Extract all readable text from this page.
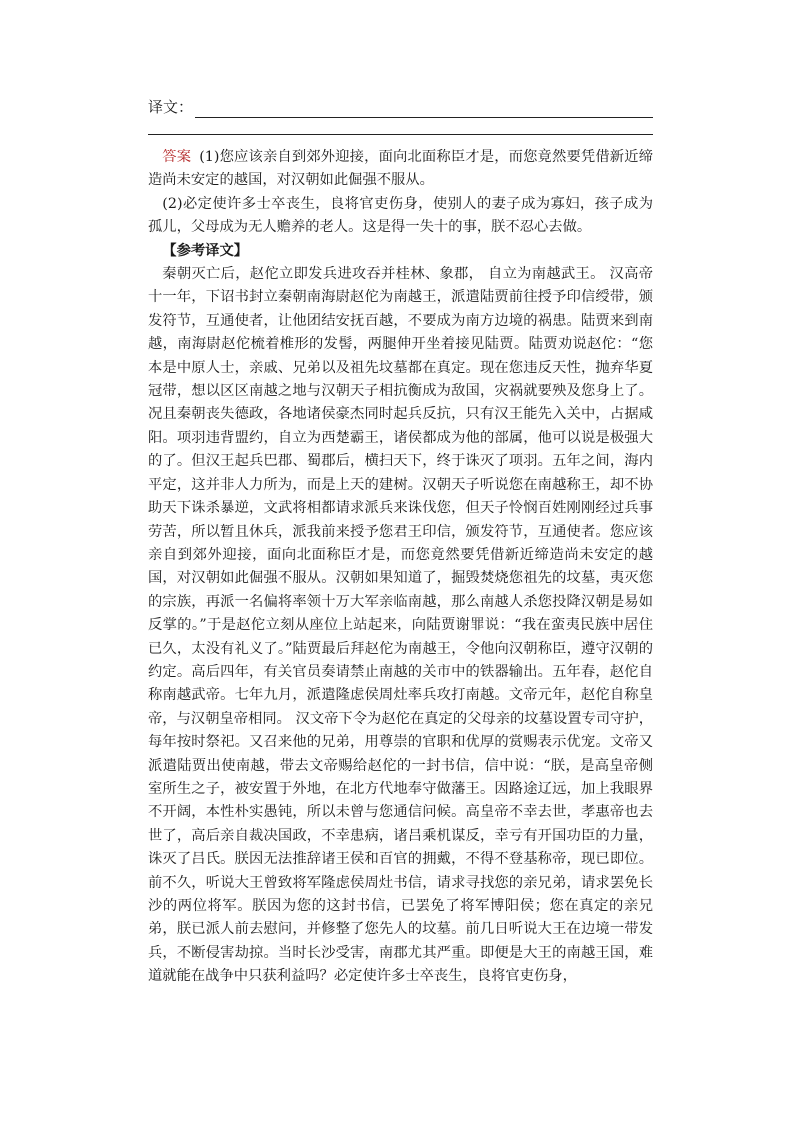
译文：

答案 (1)您应该亲自到郊外迎接，面向北面称臣才是，而您竟然要凭借新近缔造尚未安定的越国，对汉朝如此倔强不服从。

(2)必定使许多士卒丧生，良将官吏伤身，使别人的妻子成为寡妇，孩子成为孤儿，父母成为无人赡养的老人。这是得一失十的事，朕不忍心去做。

【参考译文】

秦朝灭亡后，赵佗立即发兵进攻吞并桂林、象郡， 自立为南越武王。 汉高帝十一年，下诏书封立秦朝南海尉赵佗为南越王，派遣陆贾前往授予印信绶带，颁发符节，互通使者，让他团结安抚百越，不要成为南方边境的祸患。陆贾来到南越，南海尉赵佗梳着椎形的发髻，两腿伸开坐着接见陆贾。陆贾劝说赵佗：“您本是中原人士，亲戚、兄弟以及祖先坟墓都在真定。现在您违反天性，抛弃华夏冠带，想以区区南越之地与汉朝天子相抗衡成为敌国，灾祸就要殃及您身上了。况且秦朝丧失德政，各地诸侯豪杰同时起兵反抗，只有汉王能先入关中，占据咸阳。项羽违背盟约，自立为西楚霸王，诸侯都成为他的部属，他可以说是极强大的了。但汉王起兵巴郡、蜀郡后，横扫天下，终于诛灭了项羽。五年之间，海内平定，这并非人力所为，而是上天的建树。汉朝天子听说您在南越称王，却不协助天下诛杀暴逆，文武将相都请求派兵来诛伐您，但天子怜悯百姓刚刚经过兵事劳苦，所以暂且休兵，派我前来授予您君王印信，颁发符节，互通使者。您应该亲自到郊外迎接，面向北面称臣才是，而您竟然要凭借新近缔造尚未安定的越国，对汉朝如此倔强不服从。汉朝如果知道了，掘毁焚烧您祖先的坟墓，夷灭您的宗族，再派一名偏将率领十万大军亲临南越，那么南越人杀您投降汉朝是易如反掌的。”于是赵佗立刻从座位上站起来，向陆贾谢罪说：“我在蛮夷民族中居住已久，太没有礼义了。”陆贾最后拜赵佗为南越王，令他向汉朝称臣，遵守汉朝的约定。高后四年，有关官员奏请禁止南越的关市中的铁器输出。五年春，赵佗自称南越武帝。七年九月，派遣隆虑侯周灶率兵攻打南越。文帝元年，赵佗自称皇帝，与汉朝皇帝相同。 汉文帝下令为赵佗在真定的父母亲的坟墓设置专司守护，每年按时祭祀。又召来他的兄弟，用尊崇的官职和优厚的赏赐表示优宠。文帝又派遣陆贾出使南越，带去文帝赐给赵佗的一封书信，信中说：“朕，是高皇帝侧室所生之子，被安置于外地，在北方代地奉守做藩王。因路途辽远，加上我眼界不开阔，本性朴实愚钝，所以未曾与您通信问候。高皇帝不幸去世，孝惠帝也去世了，高后亲自裁决国政，不幸患病，诸吕乘机谋反，幸亏有开国功臣的力量，诛灭了吕氏。朕因无法推辞诸王侯和百官的拥戴，不得不登基称帝，现已即位。前不久，听说大王曾致将军隆虑侯周灶书信，请求寻找您的亲兄弟，请求罢免长沙的两位将军。朕因为您的这封书信，已罢免了将军博阳侯；您在真定的亲兄弟，朕已派人前去慰问，并修整了您先人的坟墓。前几日听说大王在边境一带发兵，不断侵害劫掠。当时长沙受害，南郡尤其严重。即便是大王的南越王国，难道就能在战争中只获利益吗？必定使许多士卒丧生，良将官吏伤身，
